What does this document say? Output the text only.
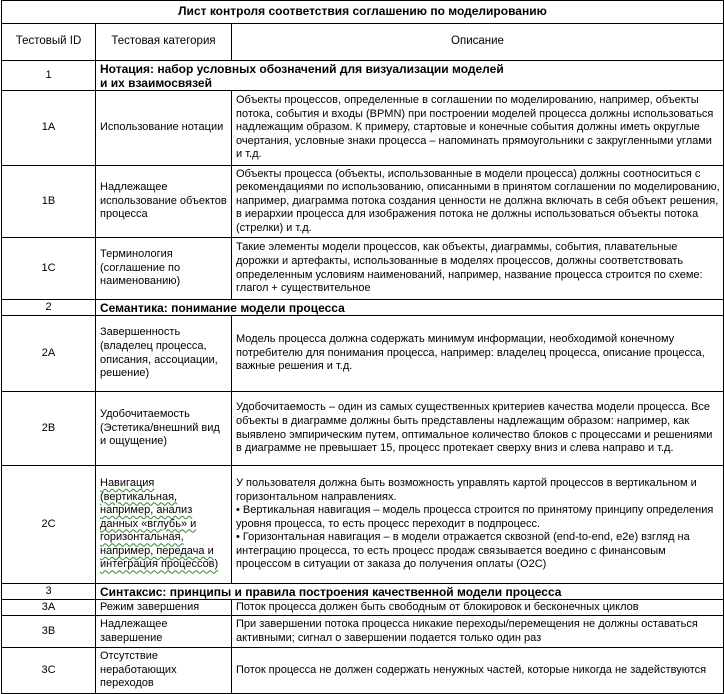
Лист контроля соответствия соглашению по моделированию		
Тестовый ID	Тестовая категория	Описание
1	Нотация: набор условных обозначений для визуализации моделей и их взаимосвязей	
1A	Использование нотации	Объекты процессов, определенные в соглашении по моделированию, например, объекты потока, события и входы (BPMN) при построении моделей процесса должны использоваться надлежащим образом. К примеру, стартовые и конечные события должны иметь округлые очертания, условные знаки процесса – напоминать прямоугольники с закругленными углами и т.д.
1B	Надлежащее использование объектов процесса	Объекты процесса (объекты, использованные в модели процесса) должны соотноситься с рекомендациями по использованию, описанными в принятом соглашении по моделированию, например, диаграмма потока создания ценности не должна включать в себя объект решения, в иерархии процесса для изображения потока не должны использоваться объекты потока (стрелки) и т.д.
1C	Терминология (соглашение по наименованию)	Такие элементы модели процессов, как объекты, диаграммы, события, плавательные дорожки и артефакты, использованные в моделях процессов, должны соответствовать определенным условиям наименований, например, название процесса строится по схеме: глагол + существительное
2	Семантика: понимание модели процесса	
2A	Завершенность (владелец процесса, описания, ассоциации, решение)	Модель процесса должна содержать минимум информации, необходимой конечному потребителю для понимания процесса, например: владелец процесса, описание процесса, важные решения и т.д.
2B	Удобочитаемость (Эстетика/внешний вид и ощущение)	Удобочитаемость – один из самых существенных критериев качества модели процесса. Все объекты в диаграмме должны быть представлены надлежащим образом: например, как выявлено эмпирическим путем, оптимальное количество блоков с процессами и решениями в диаграмме не превышает 15, процесс протекает сверху вниз и слева направо и т.д.
2C	Навигация (вертикальная, например, анализ данных «вглубь» и горизонтальная, например, передача и интеграция процессов)	У пользователя должна быть возможность управлять картой процессов в вертикальном и горизонтальном направлениях.
• Вертикальная навигация – модель процесса строится по принятому принципу определения уровня процесса, то есть процесс переходит в подпроцесс.
• Горизонтальная навигация – в модели отражается сквозной (end-to-end, e2e) взгляд на интеграцию процесса, то есть процесс продаж связывается воедино с финансовым процессом в ситуации от заказа до получения оплаты (О2С)

3	Синтаксис: принципы и правила построения качественной модели процесса	
3A	Режим завершения	Поток процесса должен быть свободным от блокировок и бесконечных циклов
3B	Надлежащее завершение	При завершении потока процесса никакие переходы/перемещения не должны оставаться активными; сигнал о завершении подается только один раз
3C	Отсутствие неработающих переходов	Поток процесса не должен содержать ненужных частей, которые никогда не задействуются
